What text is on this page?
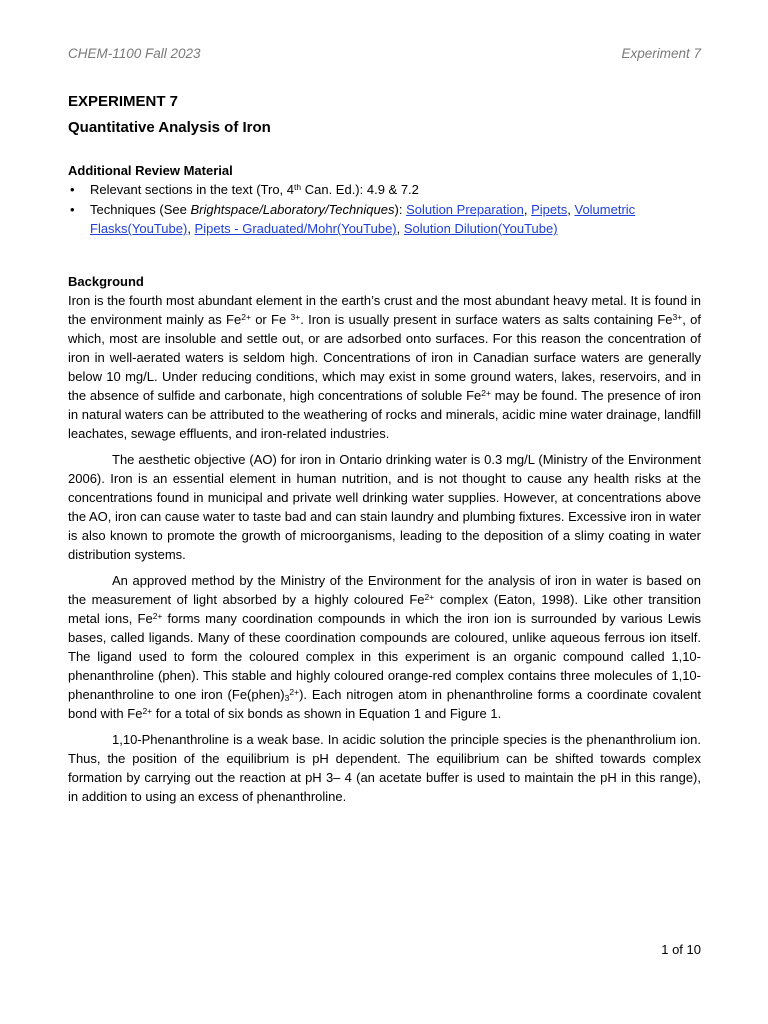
CHEM-1100 Fall 2023	Experiment 7
EXPERIMENT 7
Quantitative Analysis of Iron
Additional Review Material
• Relevant sections in the text (Tro, 4th Can. Ed.): 4.9 & 7.2
• Techniques (See Brightspace/Laboratory/Techniques): Solution Preparation, Pipets, Volumetric Flasks(YouTube), Pipets - Graduated/Mohr(YouTube), Solution Dilution(YouTube)
Background

Iron is the fourth most abundant element in the earth’s crust and the most abundant heavy metal. It is found in the environment mainly as $Fe^{2+}$ or Fe $^{3+}$. Iron is usually present in surface waters as salts containing $Fe^{3+}$, of which, most are insoluble and settle out, or are adsorbed onto surfaces. For this reason the concentration of iron in well-aerated waters is seldom high. Concentrations of iron in Canadian surface waters are generally below 10 mg/L. Under reducing conditions, which may exist in some ground waters, lakes, reservoirs, and in the absence of sulfide and carbonate, high concentrations of soluble $Fe^{2+}$ may be found. The presence of iron in natural waters can be attributed to the weathering of rocks and minerals, acidic mine water drainage, landfill leachates, sewage effluents, and iron-related industries.

The aesthetic objective (AO) for iron in Ontario drinking water is 0.3 mg/L (Ministry of the Environment 2006). Iron is an essential element in human nutrition, and is not thought to cause any health risks at the concentrations found in municipal and private well drinking water supplies. However, at concentrations above the AO, iron can cause water to taste bad and can stain laundry and plumbing fixtures. Excessive iron in water is also known to promote the growth of microorganisms, leading to the deposition of a slimy coating in water distribution systems.

An approved method by the Ministry of the Environment for the analysis of iron in water is based on the measurement of light absorbed by a highly coloured $Fe^{2+}$ complex (Eaton, 1998). Like other transition metal ions, $Fe^{2+}$ forms many coordination compounds in which the iron ion is surrounded by various Lewis bases, called ligands. Many of these coordination compounds are coloured, unlike aqueous ferrous ion itself. The ligand used to form the coloured complex in this experiment is an organic compound called 1,10-phenanthroline (phen). This stable and highly coloured orange-red complex contains three molecules of 1,10-phenanthroline to one iron $(Fe(phen)_3^{2+})$. Each nitrogen atom in phenanthroline forms a coordinate covalent bond with $Fe^{2+}$ for a total of six bonds as shown in Equation 1 and Figure 1.

1,10-Phenanthroline is a weak base. In acidic solution the principle species is the phenanthrolium ion. Thus, the position of the equilibrium is pH dependent. The equilibrium can be shifted towards complex formation by carrying out the reaction at pH 3– 4 (an acetate buffer is used to maintain the pH in this range), in addition to using an excess of phenanthroline.

1 of 10
